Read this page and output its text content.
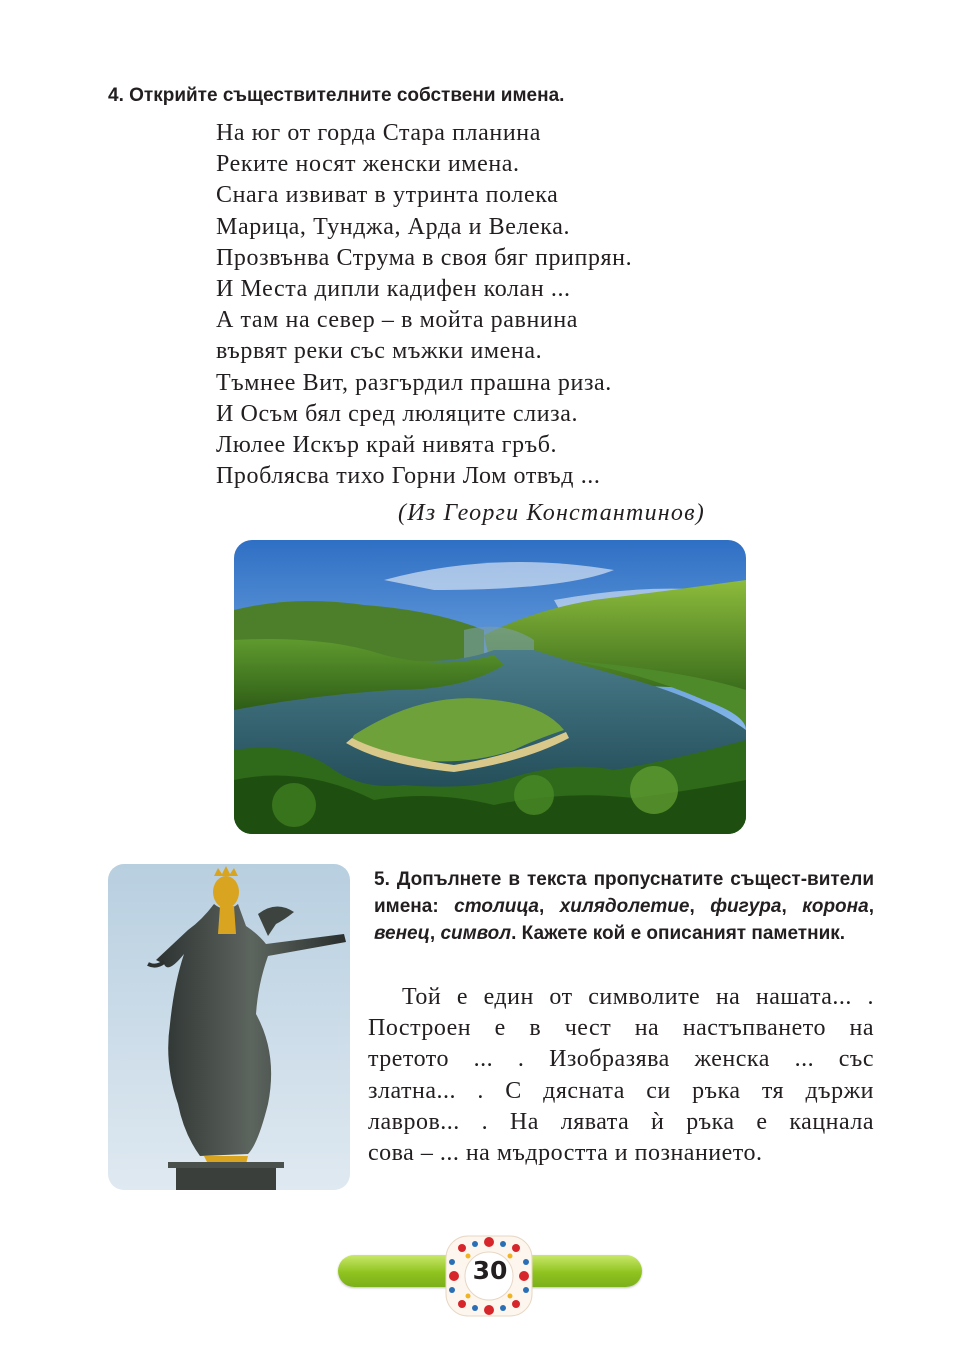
4. Открийте съществителните собствени имена.
На юг от горда Стара планина
Реките носят женски имена.
Снага извиват в утринта полека
Марица, Тунджа, Арда и Велека.
Прозвънва Струма в своя бяг припрян.
И Места дипли кадифен колан ...
А там на север – в мойта равнина
вървят реки със мъжки имена.
Тъмнее Вит, разгърдил прашна риза.
И Осъм бял сред люляците слиза.
Люлее Искър край нивята гръб.
Проблясва тихо Горни Лом отвъд ...
(Из Георги Константинов)
5. Допълнете в текста пропуснатите същест-вители имена: столица, хилядолетие, фигура, корона, венец, символ. Кажете кой е описаният паметник.
Той е един от символите на нашата... .
Построен е в чест на настъпването на
третото ... . Изобразява женска ... със
златна... . С дясната си ръка тя държи
лавров... . На лявата ѝ ръка е кацнала
сова – ... на мъдростта и познанието.
30
